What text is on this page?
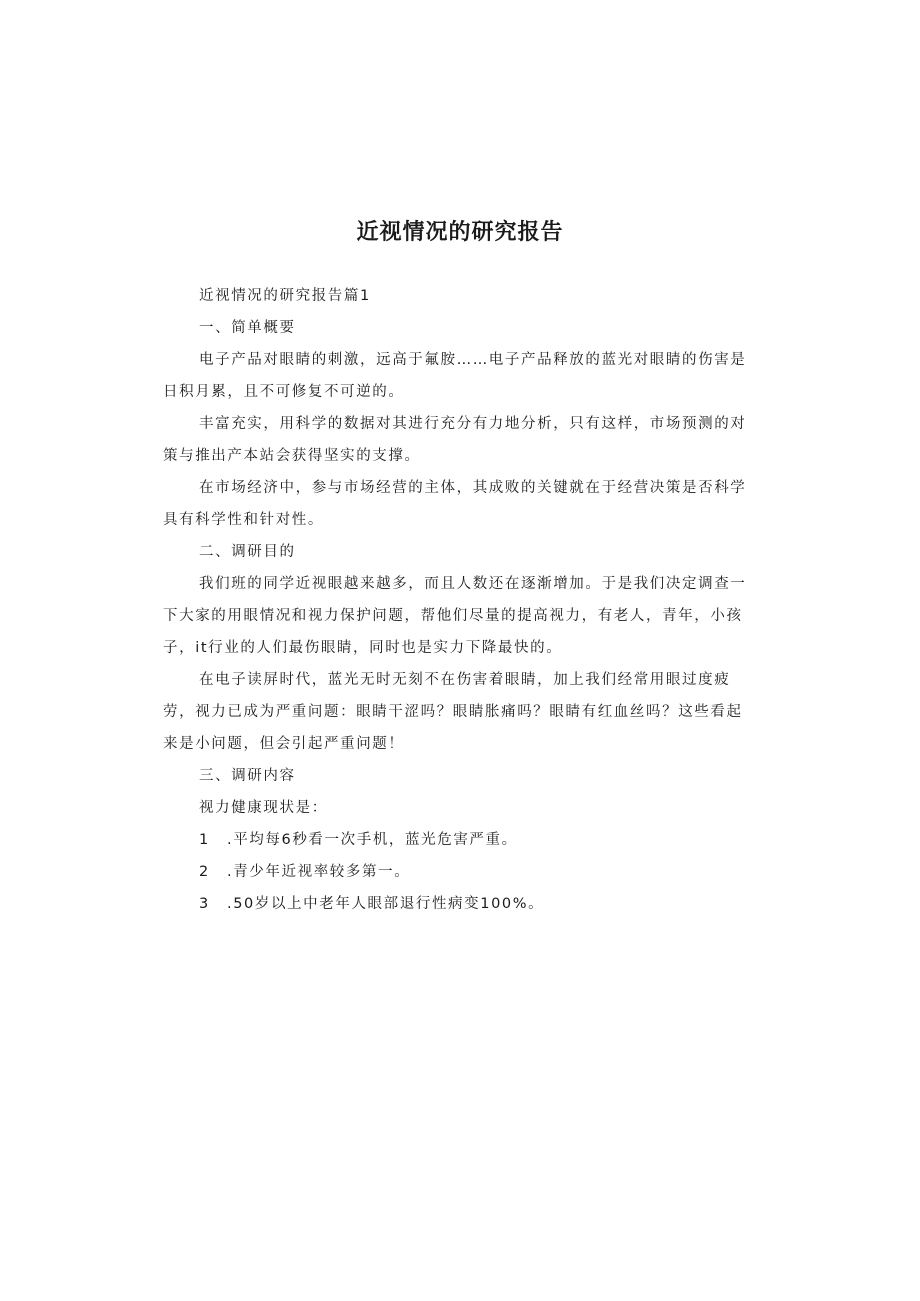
近视情况的研究报告

近视情况的研究报告篇1

一、简单概要

电子产品对眼睛的刺激，远高于氟胺……电子产品释放的蓝光对眼睛的伤害是日积月累，且不可修复不可逆的。

丰富充实，用科学的数据对其进行充分有力地分析，只有这样，市场预测的对策与推出产本站会获得坚实的支撑。

在市场经济中，参与市场经营的主体，其成败的关键就在于经营决策是否科学具有科学性和针对性。

二、调研目的

我们班的同学近视眼越来越多，而且人数还在逐渐增加。于是我们决定调查一下大家的用眼情况和视力保护问题，帮他们尽量的提高视力，有老人，青年，小孩子，it行业的人们最伤眼睛，同时也是实力下降最快的。

在电子读屏时代，蓝光无时无刻不在伤害着眼睛，加上我们经常用眼过度疲劳，视力已成为严重问题：眼睛干涩吗？眼睛胀痛吗？眼睛有红血丝吗？这些看起来是小问题，但会引起严重问题！

三、调研内容

视力健康现状是：

1 .平均每6秒看一次手机，蓝光危害严重。

2 .青少年近视率较多第一。

3 .50岁以上中老年人眼部退行性病变100%。
